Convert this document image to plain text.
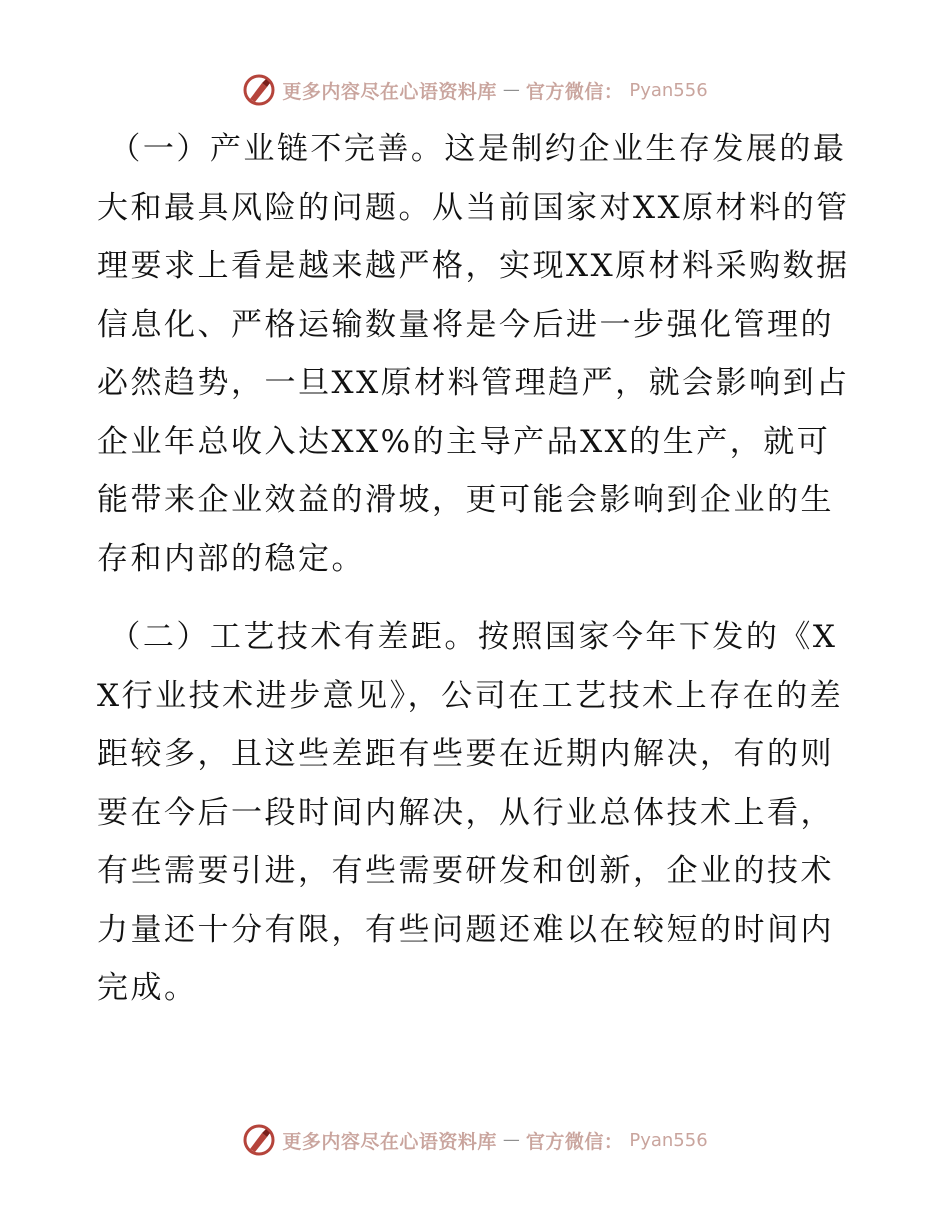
更多内容尽在心语资料库 — 官方微信： Pyan556

（一）产业链不完善。这是制约企业生存发展的最大和最具风险的问题。从当前国家对XX原材料的管理要求上看是越来越严格，实现XX原材料采购数据信息化、严格运输数量将是今后进一步强化管理的必然趋势，一旦XX原材料管理趋严，就会影响到占企业年总收入达XX%的主导产品XX的生产，就可能带来企业效益的滑坡，更可能会影响到企业的生存和内部的稳定。

（二）工艺技术有差距。按照国家今年下发的《XX行业技术进步意见》，公司在工艺技术上存在的差距较多，且这些差距有些要在近期内解决，有的则要在今后一段时间内解决，从行业总体技术上看，有些需要引进，有些需要研发和创新，企业的技术力量还十分有限，有些问题还难以在较短的时间内完成。

更多内容尽在心语资料库 — 官方微信： Pyan556
